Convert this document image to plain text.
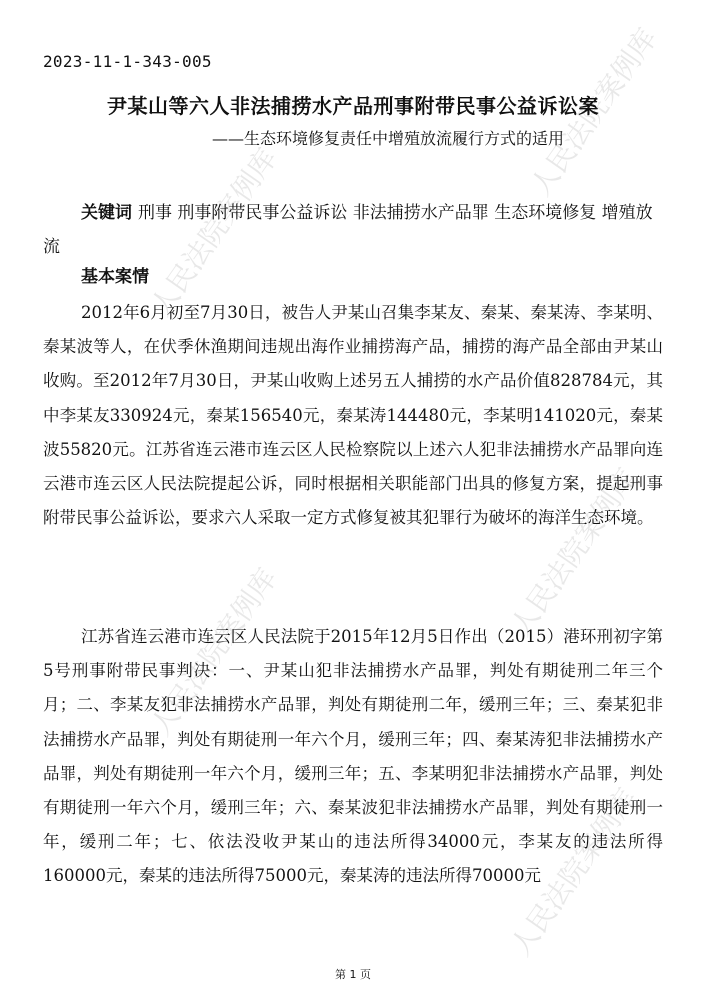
人民法院案例库
人民法院案例库
人民法院案例库
人民法院案例库
人民法院案例库
2023-11-1-343-005
尹某山等六人非法捕捞水产品刑事附带民事公益诉讼案
——生态环境修复责任中增殖放流履行方式的适用
关键词 刑事 刑事附带民事公益诉讼 非法捕捞水产品罪 生态环境修复 增殖放流
基本案情

2012年6月初至7月30日，被告人尹某山召集李某友、秦某、秦某涛、李某明、秦某波等人，在伏季休渔期间违规出海作业捕捞海产品，捕捞的海产品全部由尹某山收购。至2012年7月30日，尹某山收购上述另五人捕捞的水产品价值828784元，其中李某友330924元，秦某156540元，秦某涛144480元，李某明141020元，秦某波55820元。江苏省连云港市连云区人民检察院以上述六人犯非法捕捞水产品罪向连云港市连云区人民法院提起公诉，同时根据相关职能部门出具的修复方案，提起刑事附带民事公益诉讼，要求六人采取一定方式修复被其犯罪行为破坏的海洋生态环境。

江苏省连云港市连云区人民法院于2015年12月5日作出（2015）港环刑初字第5号刑事附带民事判决：一、尹某山犯非法捕捞水产品罪，判处有期徒刑二年三个月；二、李某友犯非法捕捞水产品罪，判处有期徒刑二年，缓刑三年；三、秦某犯非法捕捞水产品罪，判处有期徒刑一年六个月，缓刑三年；四、秦某涛犯非法捕捞水产品罪，判处有期徒刑一年六个月，缓刑三年；五、李某明犯非法捕捞水产品罪，判处有期徒刑一年六个月，缓刑三年；六、秦某波犯非法捕捞水产品罪，判处有期徒刑一年，缓刑二年；七、依法没收尹某山的违法所得34000元，李某友的违法所得160000元，秦某的违法所得75000元，秦某涛的违法所得70000元

第 1 页
